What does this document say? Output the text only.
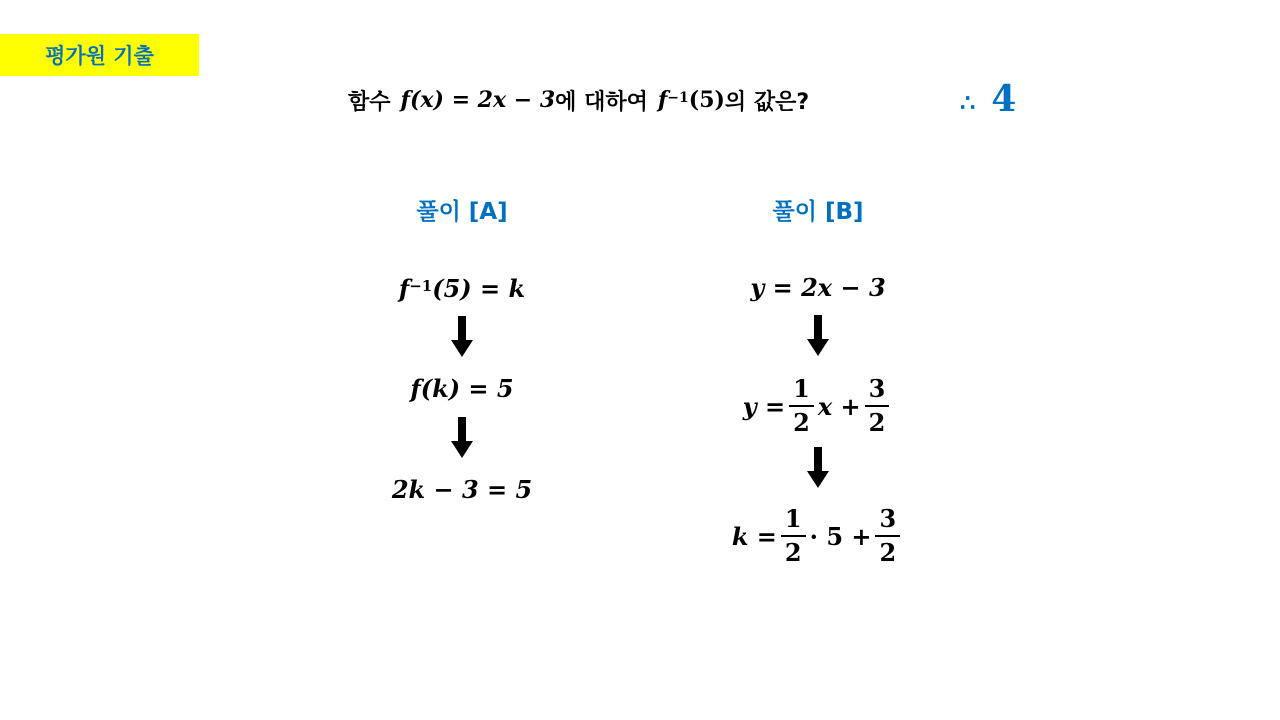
평가원 기출
함수 f(x) = 2x − 3 에 대하여 f −1 (5) 의 값은?	∴ 4
풀이 [A]
f −1 (5) = k
f(k) = 5
2k − 3 = 5
풀이 [B]
y = 2x − 3
$y = \frac{1}{2}$ $x + \frac{3}{2}$
$k = \frac{1}{2} \cdot 5 + \frac{3}{2}$
